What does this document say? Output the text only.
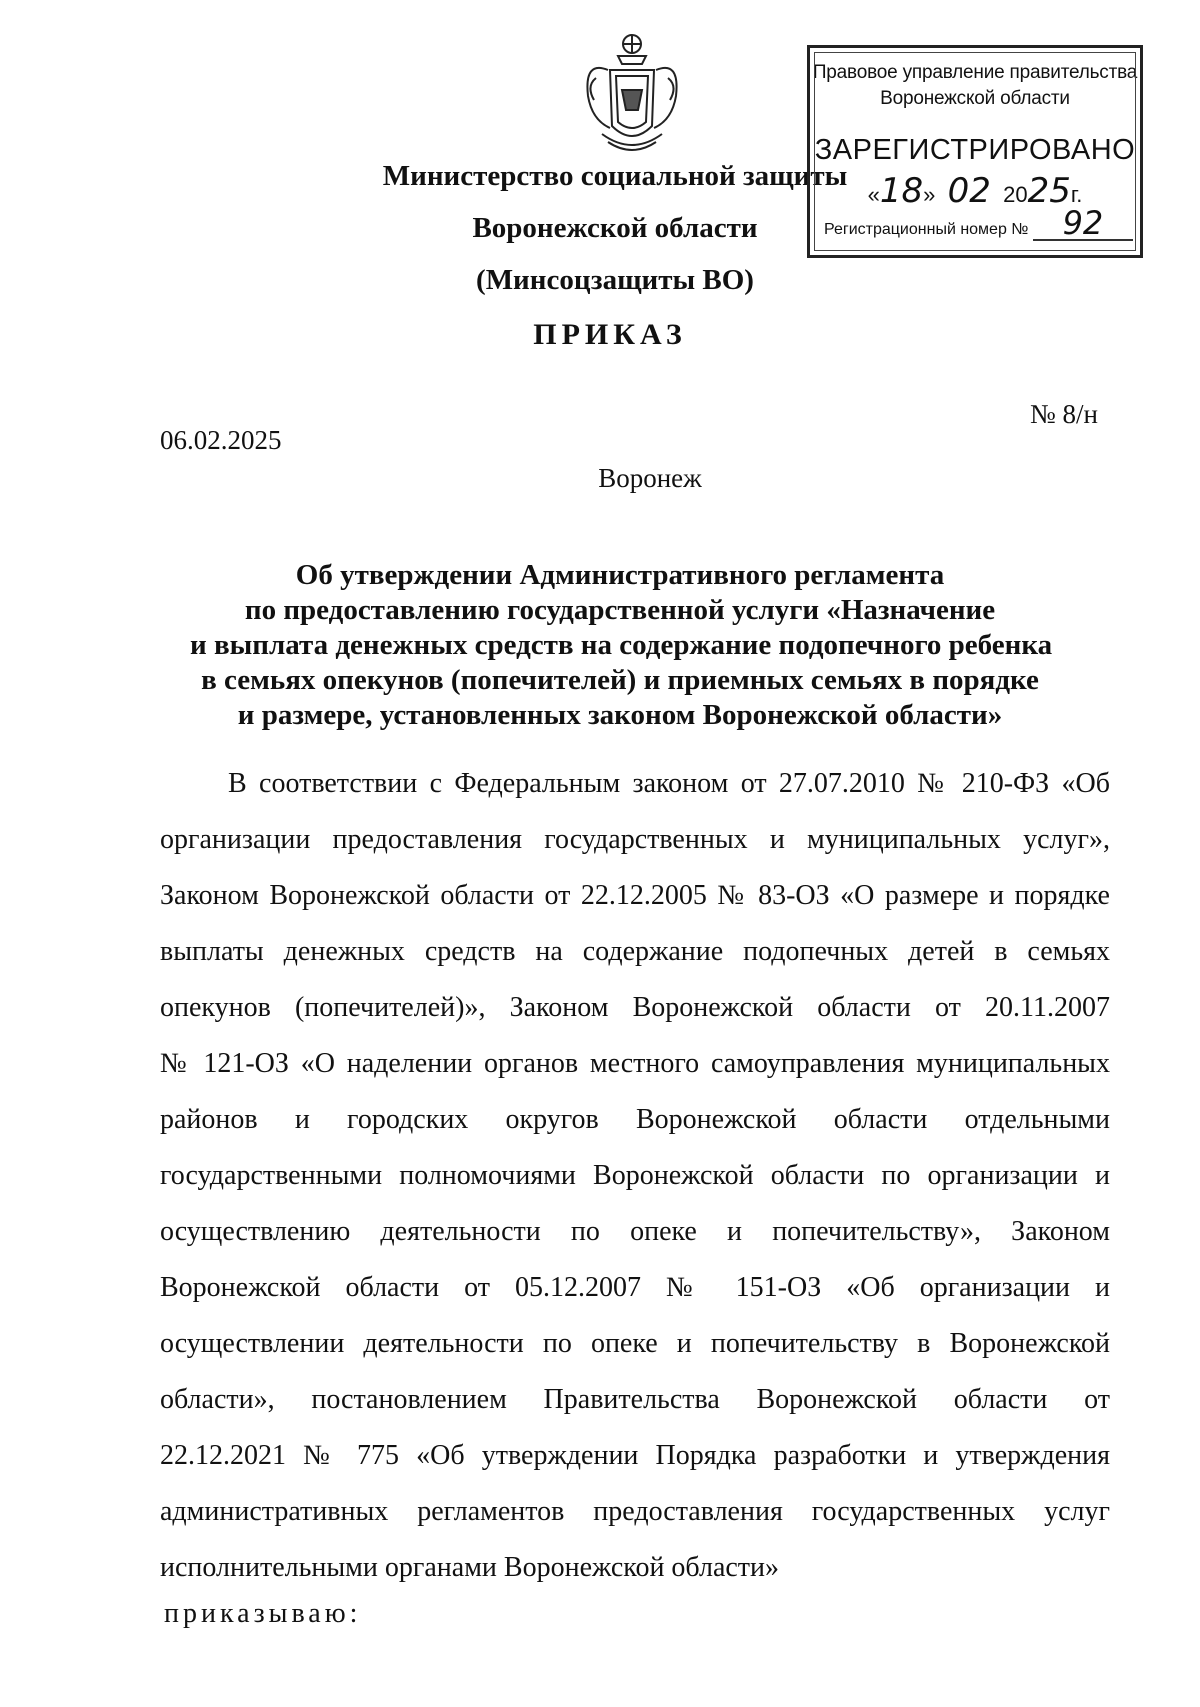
Министерство социальной защиты
Воронежской области
(Минсоцзащиты ВО)
Правовое управление правительства
Воронежской области
ЗАРЕГИСТРИРОВАНО
«18»  02 2025г.
Регистрационный номер № 92
ПРИКАЗ
06.02.2025
№ 8/н
Воронеж
Об утверждении Административного регламента
по предоставлению государственной услуги «Назначение
и выплата денежных средств на содержание подопечного ребенка
в семьях опекунов (попечителей) и приемных семьях в порядке
и размере, установленных законом Воронежской области»
В соответствии с Федеральным законом от 27.07.2010 № 210-ФЗ «Об
организации предоставления государственных и муниципальных услуг»,
Законом Воронежской области от 22.12.2005 № 83-ОЗ «О размере и порядке
выплаты денежных средств на содержание подопечных детей в семьях
опекунов (попечителей)», Законом Воронежской области от 20.11.2007
№ 121-ОЗ «О наделении органов местного самоуправления муниципальных
районов и городских округов Воронежской области отдельными
государственными полномочиями Воронежской области по организации и
осуществлению деятельности по опеке и попечительству», Законом
Воронежской области от 05.12.2007 № 151-ОЗ «Об организации и
осуществлении деятельности по опеке и попечительству в Воронежской
области», постановлением Правительства Воронежской области от
22.12.2021 № 775 «Об утверждении Порядка разработки и утверждения
административных регламентов предоставления государственных услуг
исполнительными органами Воронежской области»
приказываю:
